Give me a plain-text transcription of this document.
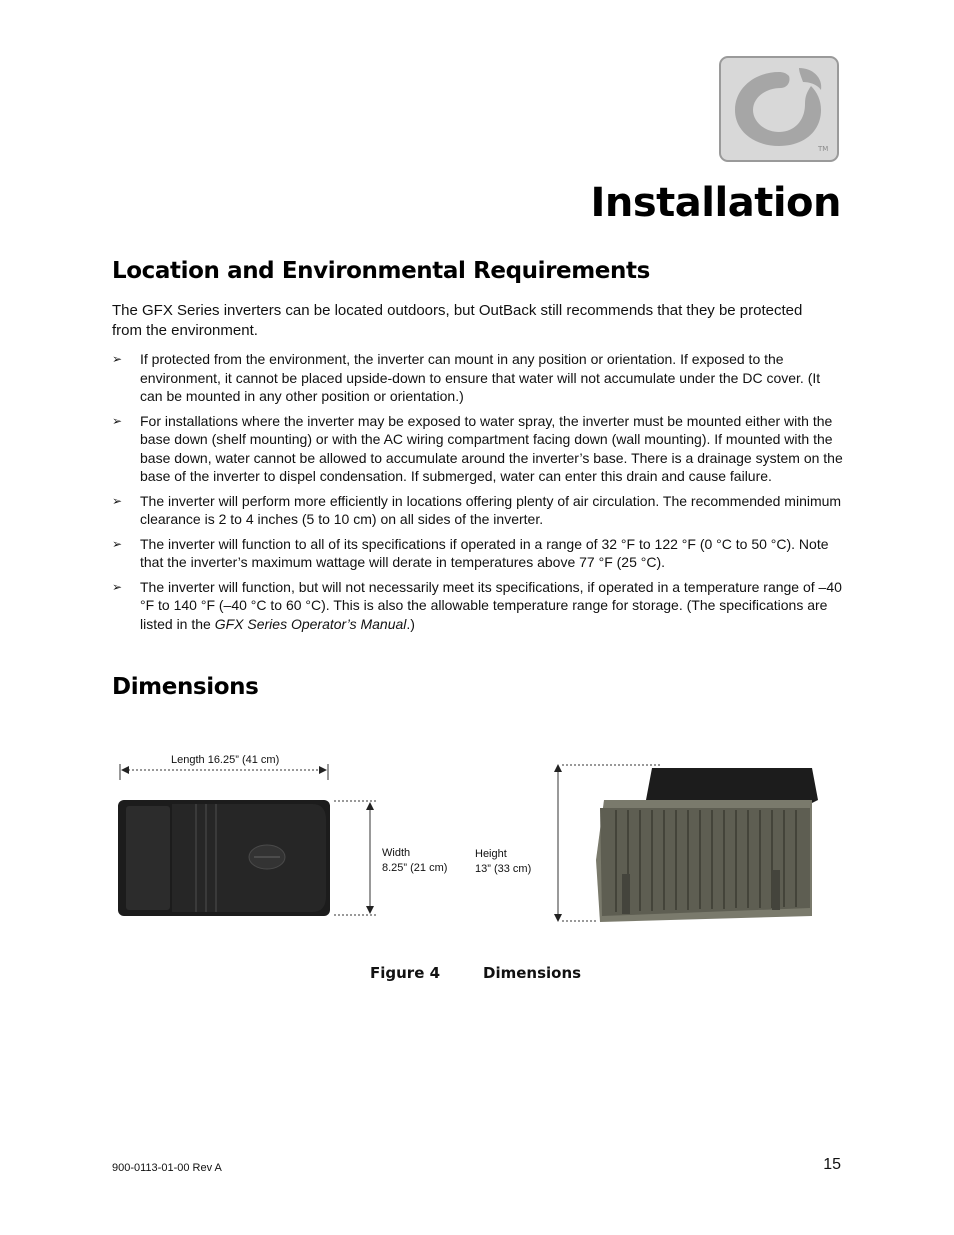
TM
Installation
Location and Environmental Requirements

The GFX Series inverters can be located outdoors, but OutBack still recommends that they be protected from the environment.

➢ If protected from the environment, the inverter can mount in any position or orientation. If exposed to the environment, it cannot be placed upside-down to ensure that water will not accumulate under the DC cover. (It can be mounted in any other position or orientation.)
➢ For installations where the inverter may be exposed to water spray, the inverter must be mounted either with the base down (shelf mounting) or with the AC wiring compartment facing down (wall mounting). If mounted with the base down, water cannot be allowed to accumulate around the inverter’s base. There is a drainage system on the base of the inverter to dispel condensation. If submerged, water can enter this drain and cause failure.
➢ The inverter will perform more efficiently in locations offering plenty of air circulation. The recommended minimum clearance is 2 to 4 inches (5 to 10 cm) on all sides of the inverter.
➢ The inverter will function to all of its specifications if operated in a range of 32 °F to 122 °F (0 °C to 50 °C). Note that the inverter’s maximum wattage will derate in temperatures above 77 °F (25 °C).
➢ The inverter will function, but will not necessarily meet its specifications, if operated in a temperature range of –40 °F to 140 °F (–40 °C to 60 °C). This is also the allowable temperature range for storage. (The specifications are listed in the GFX Series Operator’s Manual.)
Dimensions
Length 16.25” (41 cm)
Width
8.25” (21 cm)
Height
13” (33 cm)
Figure 4	Dimensions
900-0113-01-00 Rev A	15
